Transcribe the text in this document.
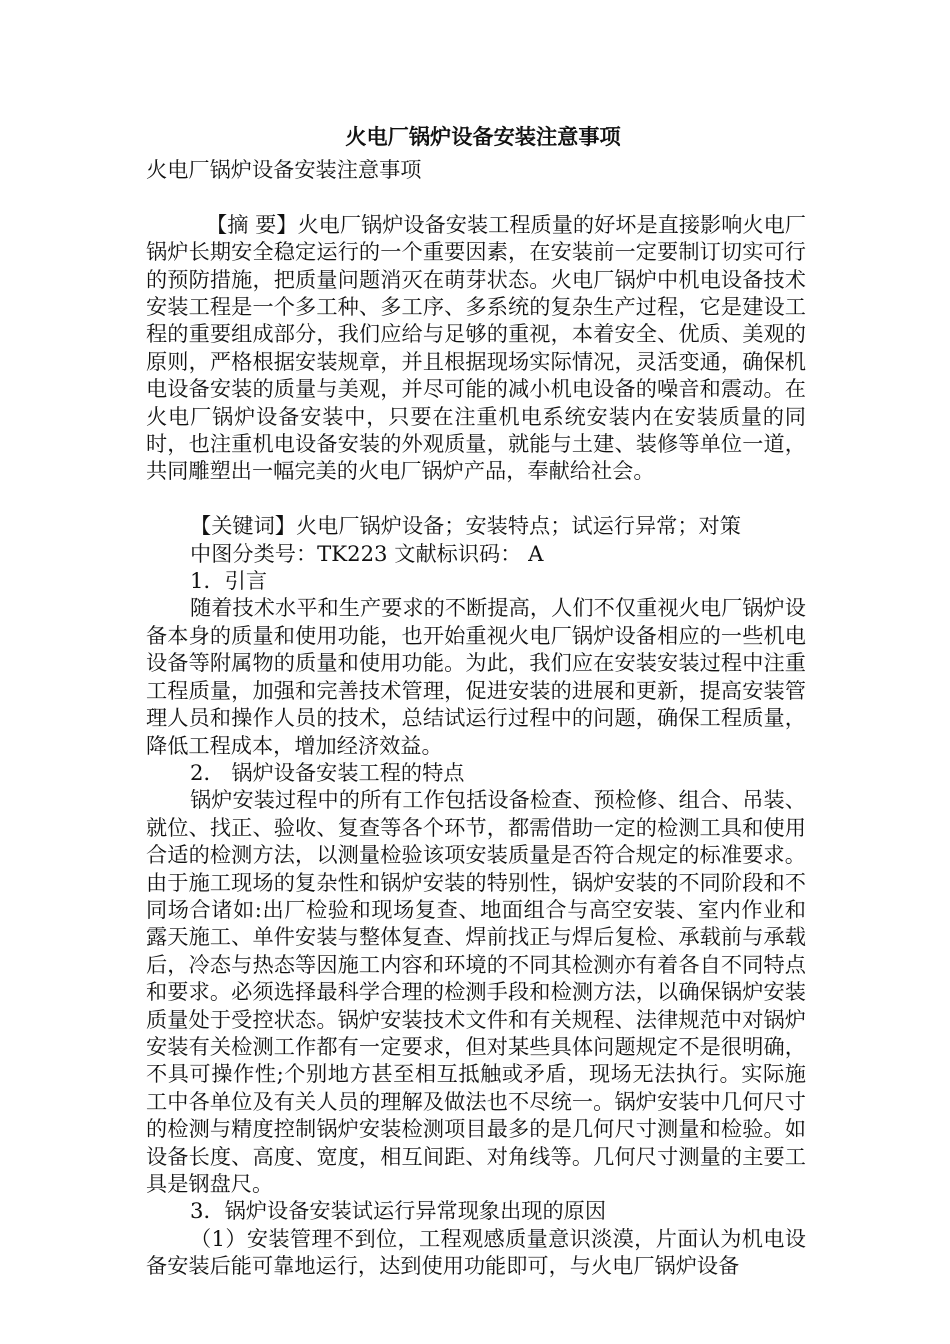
火电厂锅炉设备安装注意事项

火电厂锅炉设备安装注意事项

【摘 要】火电厂锅炉设备安装工程质量的好坏是直接影响火电厂锅炉长期安全稳定运行的一个重要因素，在安装前一定要制订切实可行的预防措施，把质量问题消灭在萌芽状态。火电厂锅炉中机电设备技术安装工程是一个多工种、多工序、多系统的复杂生产过程，它是建设工程的重要组成部分，我们应给与足够的重视，本着安全、优质、美观的原则，严格根据安装规章，并且根据现场实际情况，灵活变通，确保机电设备安装的质量与美观，并尽可能的减小机电设备的噪音和震动。在火电厂锅炉设备安装中，只要在注重机电系统安装内在安装质量的同时，也注重机电设备安装的外观质量，就能与土建、装修等单位一道，共同雕塑出一幅完美的火电厂锅炉产品，奉献给社会。

【关键词】火电厂锅炉设备；安装特点；试运行异常；对策

中图分类号：TK223 文献标识码： A

1．引言

随着技术水平和生产要求的不断提高，人们不仅重视火电厂锅炉设备本身的质量和使用功能，也开始重视火电厂锅炉设备相应的一些机电设备等附属物的质量和使用功能。为此，我们应在安装安装过程中注重工程质量，加强和完善技术管理，促进安装的进展和更新，提高安装管理人员和操作人员的技术，总结试运行过程中的问题，确保工程质量，降低工程成本，增加经济效益。

2． 锅炉设备安装工程的特点

锅炉安装过程中的所有工作包括设备检查、预检修、组合、吊装、就位、找正、验收、复查等各个环节，都需借助一定的检测工具和使用合适的检测方法，以测量检验该项安装质量是否符合规定的标准要求。由于施工现场的复杂性和锅炉安装的特别性，锅炉安装的不同阶段和不同场合诸如:出厂检验和现场复查、地面组合与高空安装、室内作业和露天施工、单件安装与整体复查、焊前找正与焊后复检、承载前与承载后，冷态与热态等因施工内容和环境的不同其检测亦有着各自不同特点和要求。必须选择最科学合理的检测手段和检测方法，以确保锅炉安装质量处于受控状态。锅炉安装技术文件和有关规程、法律规范中对锅炉安装有关检测工作都有一定要求，但对某些具体问题规定不是很明确，不具可操作性;个别地方甚至相互抵触或矛盾，现场无法执行。实际施工中各单位及有关人员的理解及做法也不尽统一。锅炉安装中几何尺寸的检测与精度控制锅炉安装检测项目最多的是几何尺寸测量和检验。如设备长度、高度、宽度，相互间距、对角线等。几何尺寸测量的主要工具是钢盘尺。

3．锅炉设备安装试运行异常现象出现的原因

（1）安装管理不到位，工程观感质量意识淡漠，片面认为机电设备安装后能可靠地运行，达到使用功能即可，与火电厂锅炉设备
